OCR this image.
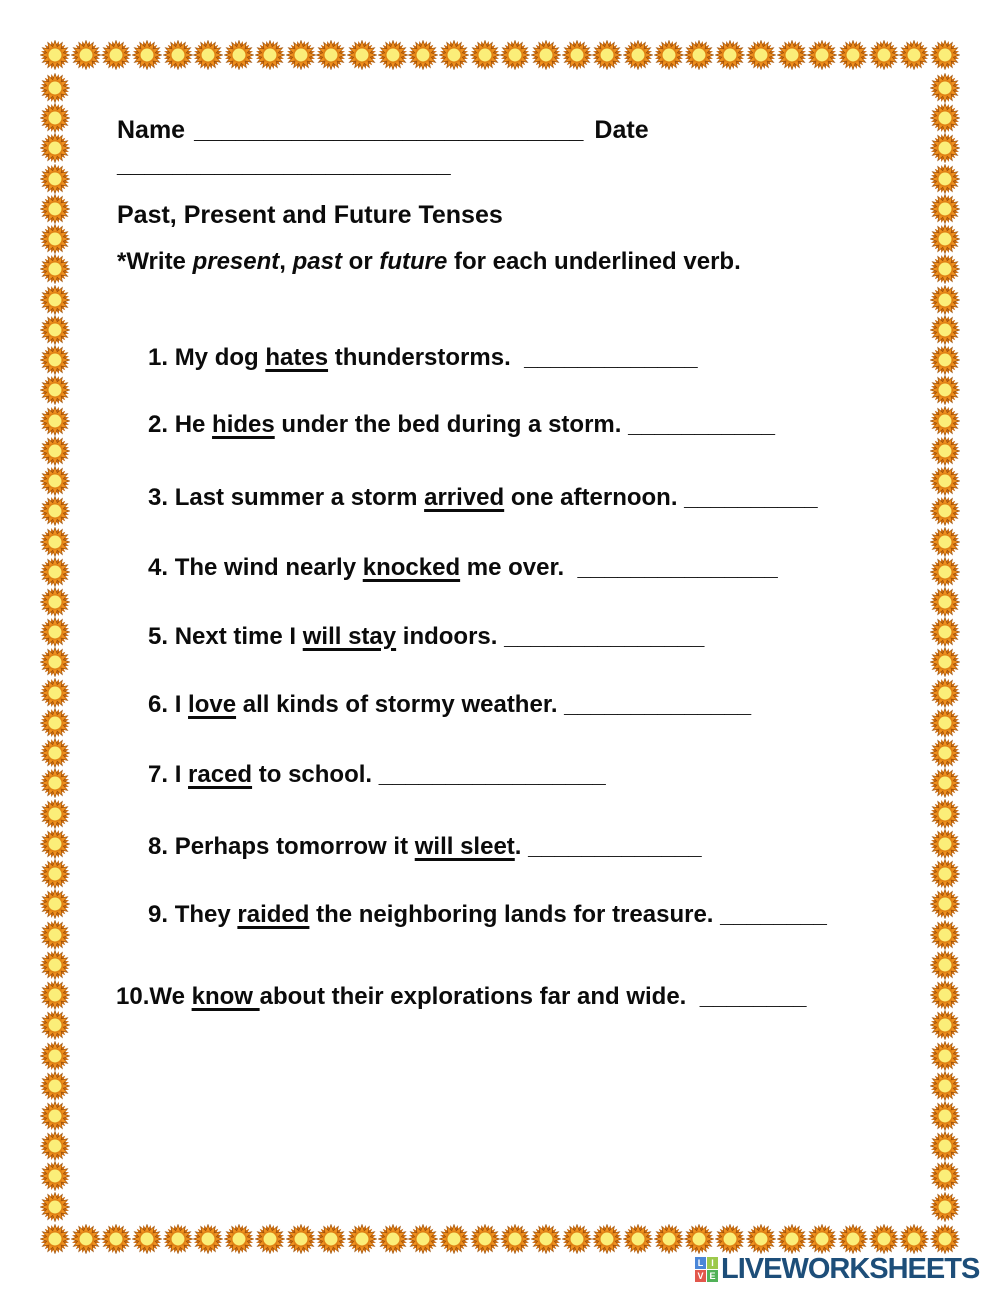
Name ____________________________ Date

________________________

Past, Present and Future Tenses

*Write present, past or future for each underlined verb.

1. My dog hates thunderstorms.  _____________

2. He hides under the bed during a storm. ___________

3. Last summer a storm arrived one afternoon. __________

4. The wind nearly knocked me over.  _______________

5. Next time I will stay indoors. _______________

6. I love all kinds of stormy weather. ______________

7. I raced to school. _________________

8. Perhaps tomorrow it will sleet. _____________

9. They raided the neighboring lands for treasure. ________

10.We know about their explorations far and wide.  ________

L I
V E LIVEWORKSHEETS
